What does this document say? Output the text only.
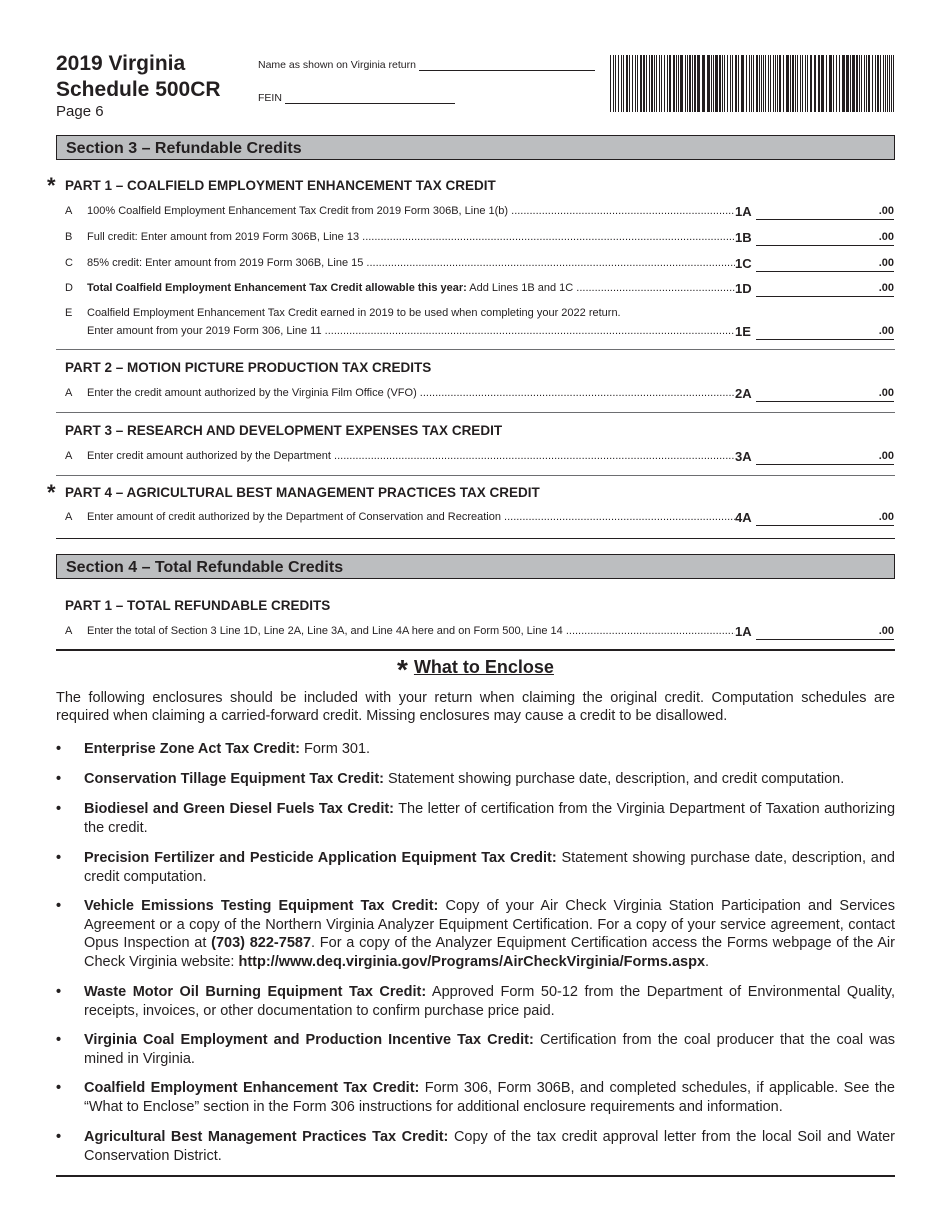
2019 Virginia
Schedule 500CR
Page 6
Name as shown on Virginia return
FEIN
Section 3 – Refundable Credits
* PART 1 – COALFIELD EMPLOYMENT ENHANCEMENT TAX CREDIT
A 100% Coalfield Employment Enhancement Tax Credit from 2019 Form 306B, Line 1(b) .....	1A	.00
B Full credit: Enter amount from 2019 Form 306B, Line 13 .....	1B	.00
C 85% credit: Enter amount from 2019 Form 306B, Line 15 .....	1C	.00
D Total Coalfield Employment Enhancement Tax Credit allowable this year: Add Lines 1B and 1C .....	1D	.00
E Coalfield Employment Enhancement Tax Credit earned in 2019 to be used when completing your 2022 return.
Enter amount from your 2019 Form 306, Line 11 .....	1E	.00
PART 2 – MOTION PICTURE PRODUCTION TAX CREDITS
A Enter the credit amount authorized by the Virginia Film Office (VFO) .....	2A	.00
PART 3 – RESEARCH AND DEVELOPMENT EXPENSES TAX CREDIT
A Enter credit amount authorized by the Department .....	3A	.00
* PART 4 – AGRICULTURAL BEST MANAGEMENT PRACTICES TAX CREDIT
A Enter amount of credit authorized by the Department of Conservation and Recreation .....	4A	.00
Section 4 – Total Refundable Credits
PART 1 – TOTAL REFUNDABLE CREDITS
A Enter the total of Section 3 Line 1D, Line 2A, Line 3A, and Line 4A here and on Form 500, Line 14 .....	1A	.00
* What to Enclose
The following enclosures should be included with your return when claiming the original credit. Computation schedules are required when claiming a carried-forward credit. Missing enclosures may cause a credit to be disallowed.
• Enterprise Zone Act Tax Credit: Form 301.
• Conservation Tillage Equipment Tax Credit: Statement showing purchase date, description, and credit computation.
• Biodiesel and Green Diesel Fuels Tax Credit: The letter of certification from the Virginia Department of Taxation authorizing the credit.
• Precision Fertilizer and Pesticide Application Equipment Tax Credit: Statement showing purchase date, description, and credit computation.
• Vehicle Emissions Testing Equipment Tax Credit: Copy of your Air Check Virginia Station Participation and Services Agreement or a copy of the Northern Virginia Analyzer Equipment Certification. For a copy of your service agreement, contact Opus Inspection at (703) 822-7587. For a copy of the Analyzer Equipment Certification access the Forms webpage of the Air Check Virginia website: http://www.deq.virginia.gov/Programs/AirCheckVirginia/Forms.aspx.
• Waste Motor Oil Burning Equipment Tax Credit: Approved Form 50-12 from the Department of Environmental Quality, receipts, invoices, or other documentation to confirm purchase price paid.
• Virginia Coal Employment and Production Incentive Tax Credit: Certification from the coal producer that the coal was mined in Virginia.
• Coalfield Employment Enhancement Tax Credit: Form 306, Form 306B, and completed schedules, if applicable. See the “What to Enclose” section in the Form 306 instructions for additional enclosure requirements and information.
• Agricultural Best Management Practices Tax Credit: Copy of the tax credit approval letter from the local Soil and Water Conservation District.
